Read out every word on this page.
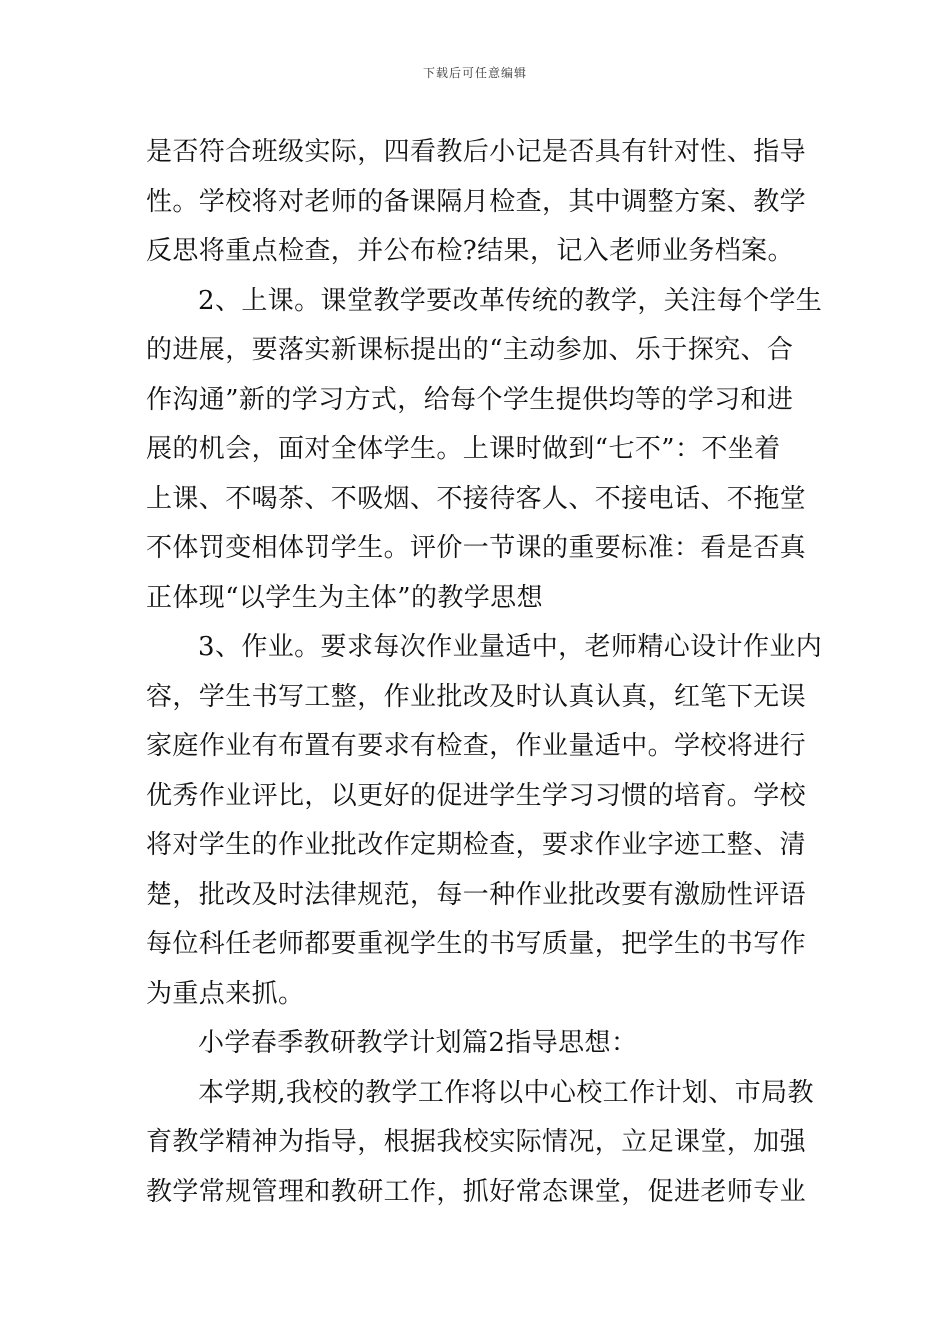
下载后可任意编辑
是否符合班级实际，四看教后小记是否具有针对性、指导
性。学校将对老师的备课隔月检查，其中调整方案、教学
反思将重点检查，并公布检?结果，记入老师业务档案。
2、上课。课堂教学要改革传统的教学，关注每个学生
的进展，要落实新课标提出的“主动参加、乐于探究、合
作沟通”新的学习方式，给每个学生提供均等的学习和进
展的机会，面对全体学生。上课时做到“七不”：不坐着
上课、不喝茶、不吸烟、不接待客人、不接电话、不拖堂
不体罚变相体罚学生。评价一节课的重要标准：看是否真
正体现“以学生为主体”的教学思想
3、作业。要求每次作业量适中，老师精心设计作业内
容，学生书写工整，作业批改及时认真认真，红笔下无误
家庭作业有布置有要求有检查，作业量适中。学校将进行
优秀作业评比，以更好的促进学生学习习惯的培育。学校
将对学生的作业批改作定期检查，要求作业字迹工整、清
楚，批改及时法律规范，每一种作业批改要有激励性评语
每位科任老师都要重视学生的书写质量，把学生的书写作
为重点来抓。
小学春季教研教学计划篇2指导思想：
本学期,我校的教学工作将以中心校工作计划、市局教
育教学精神为指导，根据我校实际情况，立足课堂，加强
教学常规管理和教研工作，抓好常态课堂，促进老师专业
